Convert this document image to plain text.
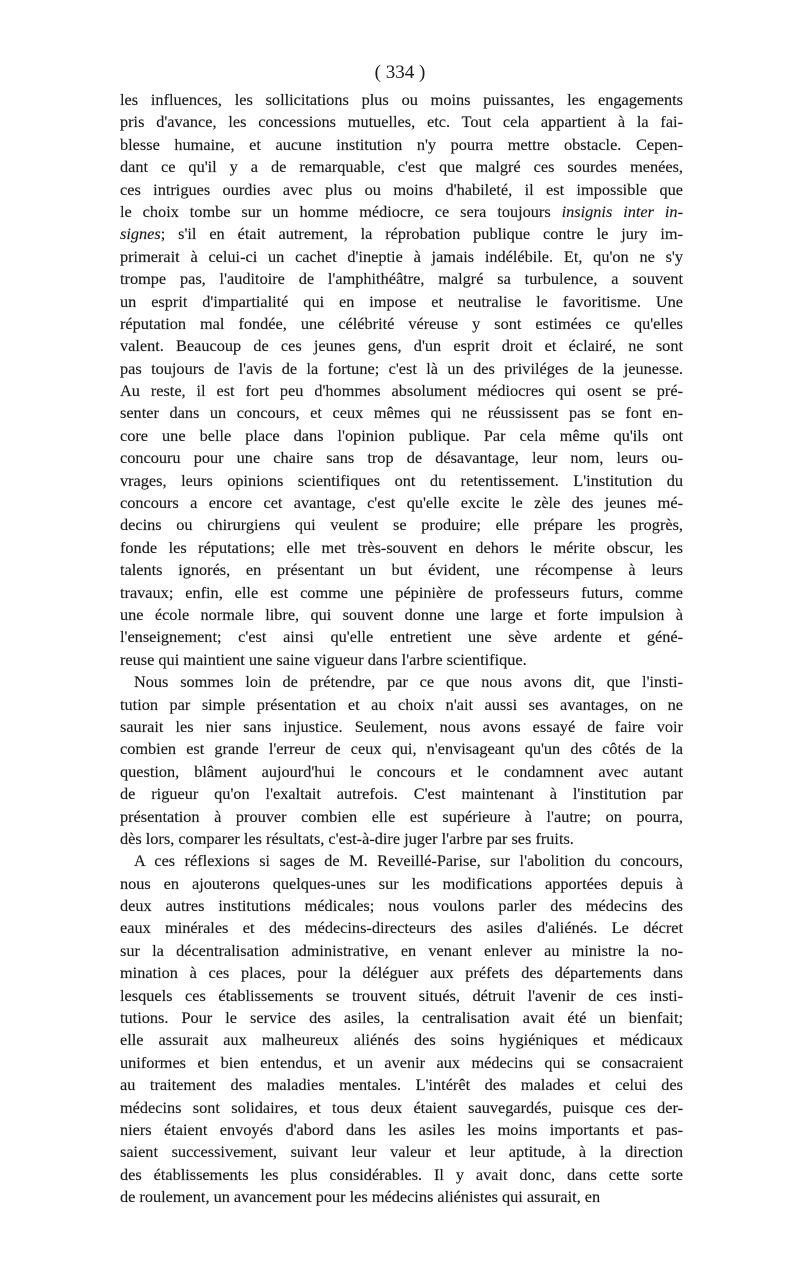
( 334 )
les influences, les sollicitations plus ou moins puissantes, les engagements
pris d'avance, les concessions mutuelles, etc. Tout cela appartient à la fai-
blesse humaine, et aucune institution n'y pourra mettre obstacle. Cepen-
dant ce qu'il y a de remarquable, c'est que malgré ces sourdes menées,
ces intrigues ourdies avec plus ou moins d'habileté, il est impossible que
le choix tombe sur un homme médiocre, ce sera toujours insignis inter in-
signes; s'il en était autrement, la réprobation publique contre le jury im-
primerait à celui-ci un cachet d'ineptie à jamais indélébile. Et, qu'on ne s'y
trompe pas, l'auditoire de l'amphithéâtre, malgré sa turbulence, a souvent
un esprit d'impartialité qui en impose et neutralise le favoritisme. Une
réputation mal fondée, une célébrité véreuse y sont estimées ce qu'elles
valent. Beaucoup de ces jeunes gens, d'un esprit droit et éclairé, ne sont
pas toujours de l'avis de la fortune; c'est là un des priviléges de la jeunesse.
Au reste, il est fort peu d'hommes absolument médiocres qui osent se pré-
senter dans un concours, et ceux mêmes qui ne réussissent pas se font en-
core une belle place dans l'opinion publique. Par cela même qu'ils ont
concouru pour une chaire sans trop de désavantage, leur nom, leurs ou-
vrages, leurs opinions scientifiques ont du retentissement. L'institution du
concours a encore cet avantage, c'est qu'elle excite le zèle des jeunes mé-
decins ou chirurgiens qui veulent se produire; elle prépare les progrès,
fonde les réputations; elle met très-souvent en dehors le mérite obscur, les
talents ignorés, en présentant un but évident, une récompense à leurs
travaux; enfin, elle est comme une pépinière de professeurs futurs, comme
une école normale libre, qui souvent donne une large et forte impulsion à
l'enseignement; c'est ainsi qu'elle entretient une sève ardente et géné-
reuse qui maintient une saine vigueur dans l'arbre scientifique.
Nous sommes loin de prétendre, par ce que nous avons dit, que l'insti-
tution par simple présentation et au choix n'ait aussi ses avantages, on ne
saurait les nier sans injustice. Seulement, nous avons essayé de faire voir
combien est grande l'erreur de ceux qui, n'envisageant qu'un des côtés de la
question, blâment aujourd'hui le concours et le condamnent avec autant
de rigueur qu'on l'exaltait autrefois. C'est maintenant à l'institution par
présentation à prouver combien elle est supérieure à l'autre; on pourra,
dès lors, comparer les résultats, c'est-à-dire juger l'arbre par ses fruits.
A ces réflexions si sages de M. Reveillé-Parise, sur l'abolition du concours,
nous en ajouterons quelques-unes sur les modifications apportées depuis à
deux autres institutions médicales; nous voulons parler des médecins des
eaux minérales et des médecins-directeurs des asiles d'aliénés. Le décret
sur la décentralisation administrative, en venant enlever au ministre la no-
mination à ces places, pour la déléguer aux préfets des départements dans
lesquels ces établissements se trouvent situés, détruit l'avenir de ces insti-
tutions. Pour le service des asiles, la centralisation avait été un bienfait;
elle assurait aux malheureux aliénés des soins hygiéniques et médicaux
uniformes et bien entendus, et un avenir aux médecins qui se consacraient
au traitement des maladies mentales. L'intérêt des malades et celui des
médecins sont solidaires, et tous deux étaient sauvegardés, puisque ces der-
niers étaient envoyés d'abord dans les asiles les moins importants et pas-
saient successivement, suivant leur valeur et leur aptitude, à la direction
des établissements les plus considérables. Il y avait donc, dans cette sorte
de roulement, un avancement pour les médecins aliénistes qui assurait, en
